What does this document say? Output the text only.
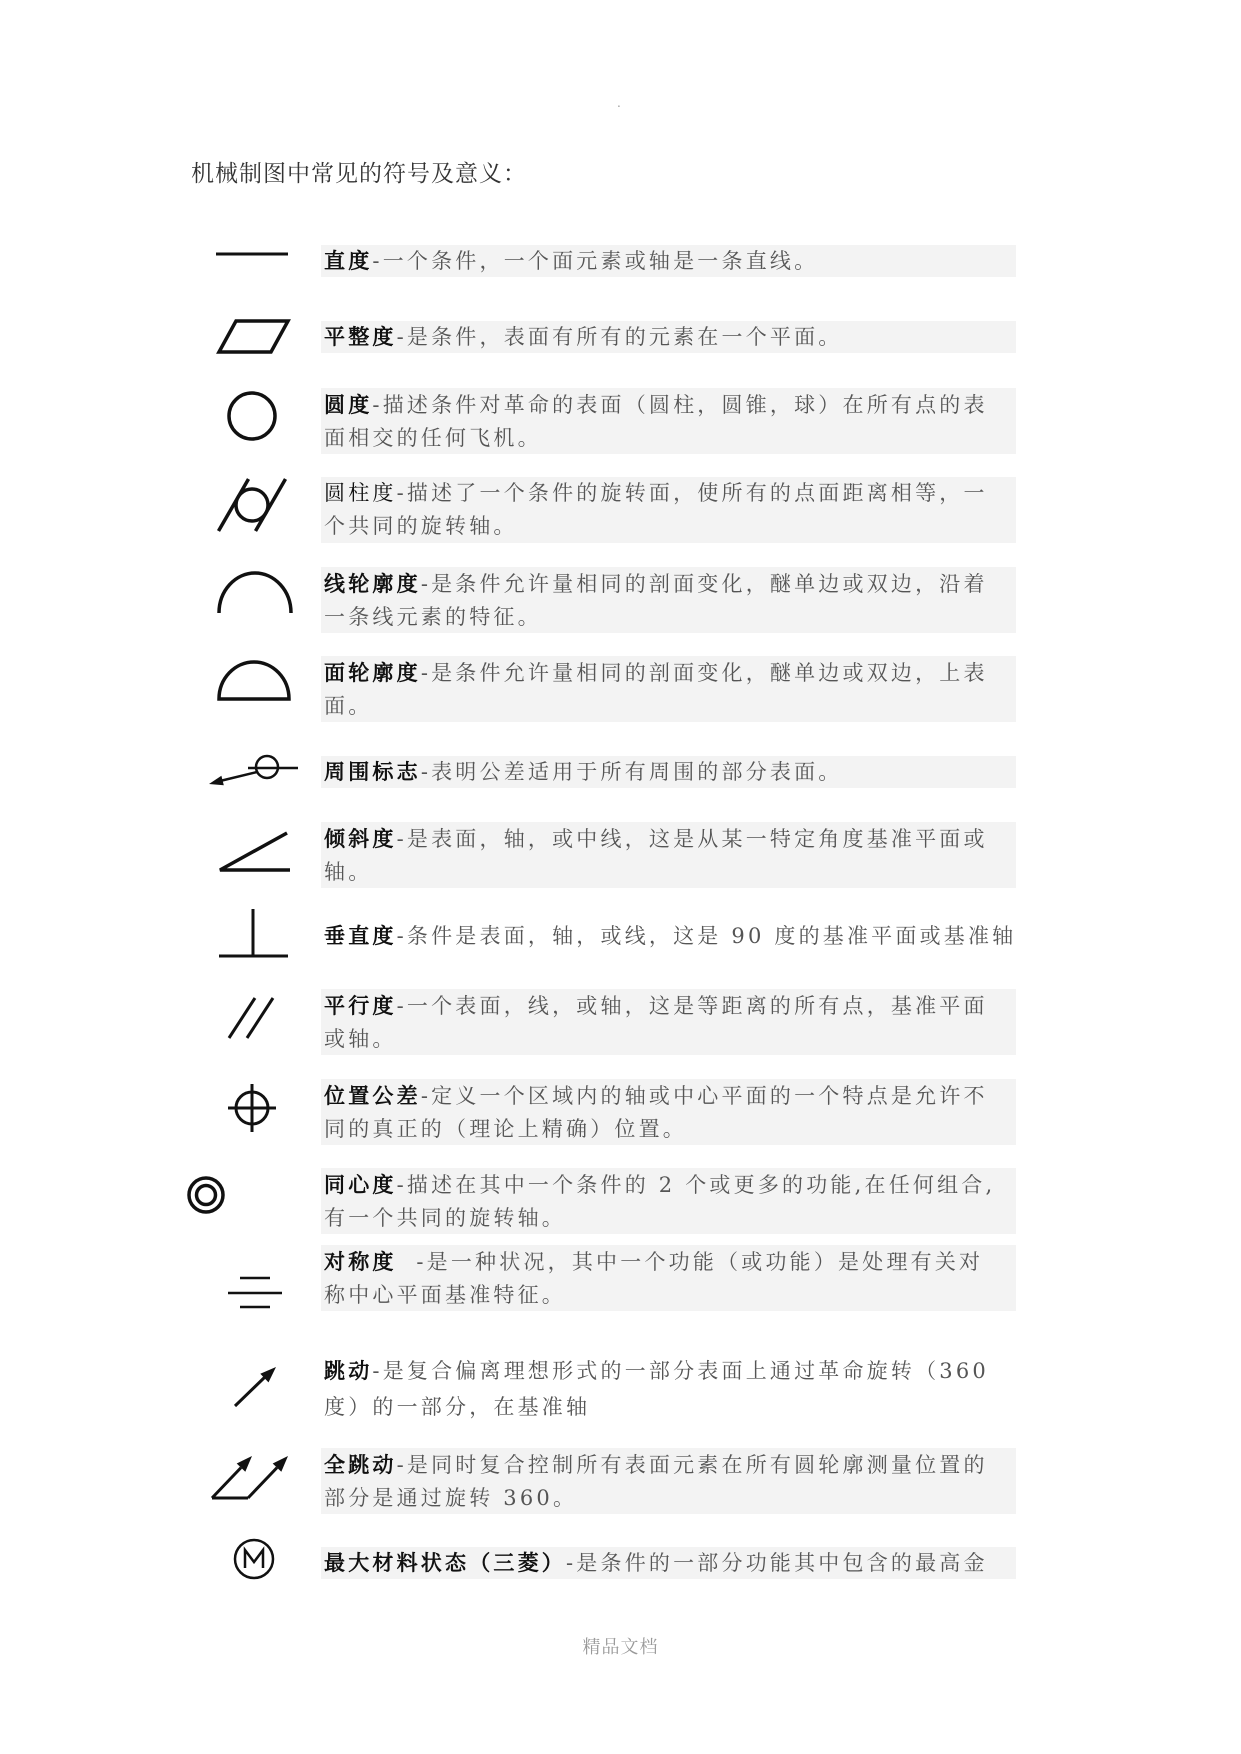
.
机械制图中常见的符号及意义：
精品文档
直度-一个条件，一个面元素或轴是一条直线。
平整度-是条件，表面有所有的元素在一个平面。
圆度-描述条件对革命的表面（圆柱，圆锥，球）在所有点的表
面相交的任何飞机。
圆柱度-描述了一个条件的旋转面，使所有的点面距离相等，一
个共同的旋转轴。
线轮廓度-是条件允许量相同的剖面变化，醚单边或双边，沿着
一条线元素的特征。
面轮廓度-是条件允许量相同的剖面变化，醚单边或双边，上表
面。
周围标志-表明公差适用于所有周围的部分表面。
倾斜度-是表面，轴，或中线，这是从某一特定角度基准平面或
轴。
垂直度-条件是表面，轴，或线，这是 90 度的基准平面或基准轴
平行度-一个表面，线，或轴，这是等距离的所有点，基准平面
或轴。
位置公差-定义一个区域内的轴或中心平面的一个特点是允许不
同的真正的（理论上精确）位置。
同心度-描述在其中一个条件的 2 个或更多的功能,在任何组合,
有一个共同的旋转轴。
对称度  -是一种状况，其中一个功能（或功能）是处理有关对
称中心平面基准特征。
跳动-是复合偏离理想形式的一部分表面上通过革命旋转（360
度）的一部分，在基准轴
全跳动-是同时复合控制所有表面元素在所有圆轮廓测量位置的
部分是通过旋转 360。
最大材料状态（三菱）-是条件的一部分功能其中包含的最高金
